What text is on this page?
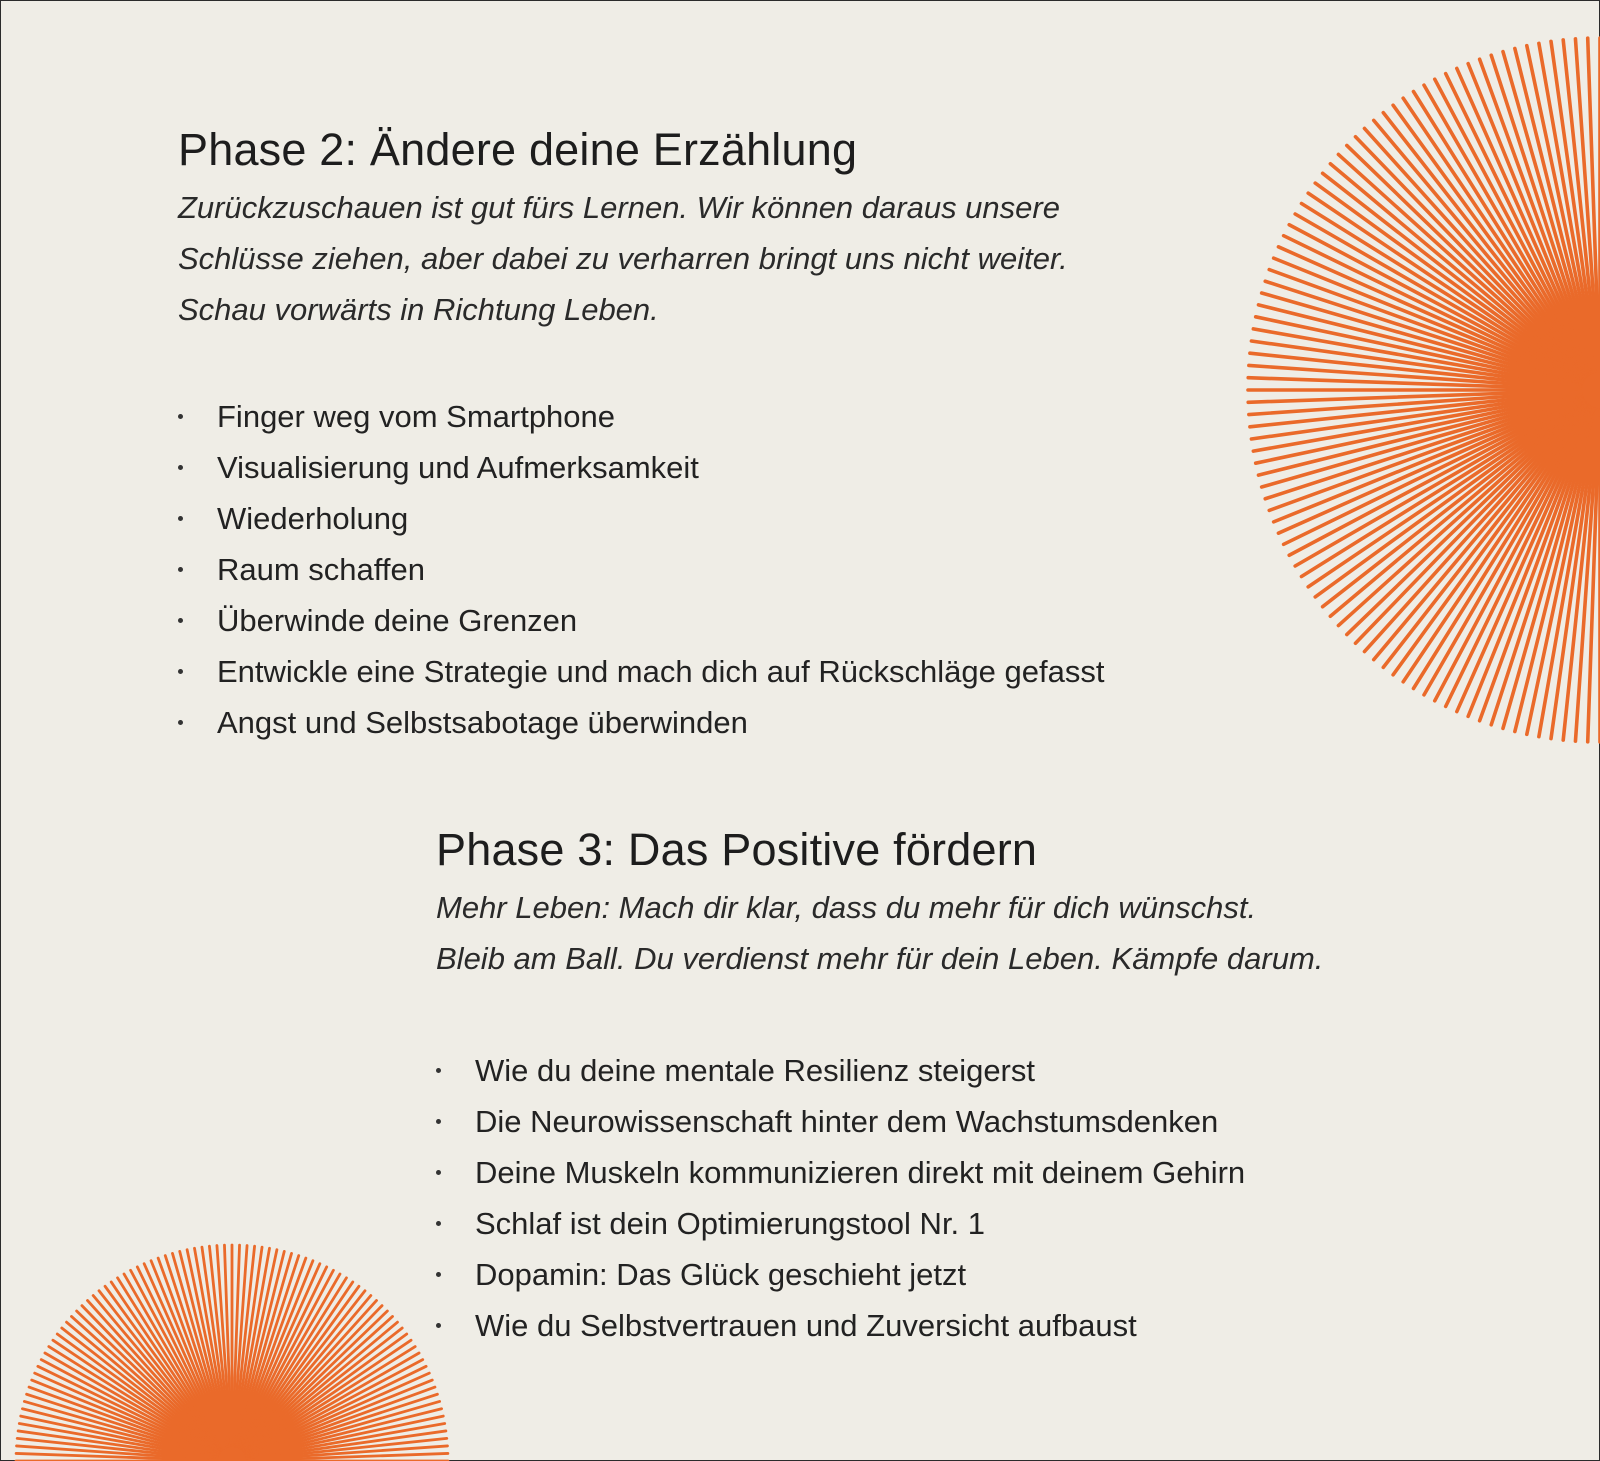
Phase 2: Ändere deine Erzählung

Zurückzuschauen ist gut fürs Lernen. Wir können daraus unsere
Schlüsse ziehen, aber dabei zu verharren bringt uns nicht weiter.
Schau vorwärts in Richtung Leben.

Finger weg vom Smartphone
Visualisierung und Aufmerksamkeit
Wiederholung
Raum schaffen
Überwinde deine Grenzen
Entwickle eine Strategie und mach dich auf Rückschläge gefasst
Angst und Selbstsabotage überwinden
Phase 3: Das Positive fördern

Mehr Leben: Mach dir klar, dass du mehr für dich wünschst.
Bleib am Ball. Du verdienst mehr für dein Leben. Kämpfe darum.

Wie du deine mentale Resilienz steigerst
Die Neurowissenschaft hinter dem Wachstumsdenken
Deine Muskeln kommunizieren direkt mit deinem Gehirn
Schlaf ist dein Optimierungstool Nr. 1
Dopamin: Das Glück geschieht jetzt
Wie du Selbstvertrauen und Zuversicht aufbaust
